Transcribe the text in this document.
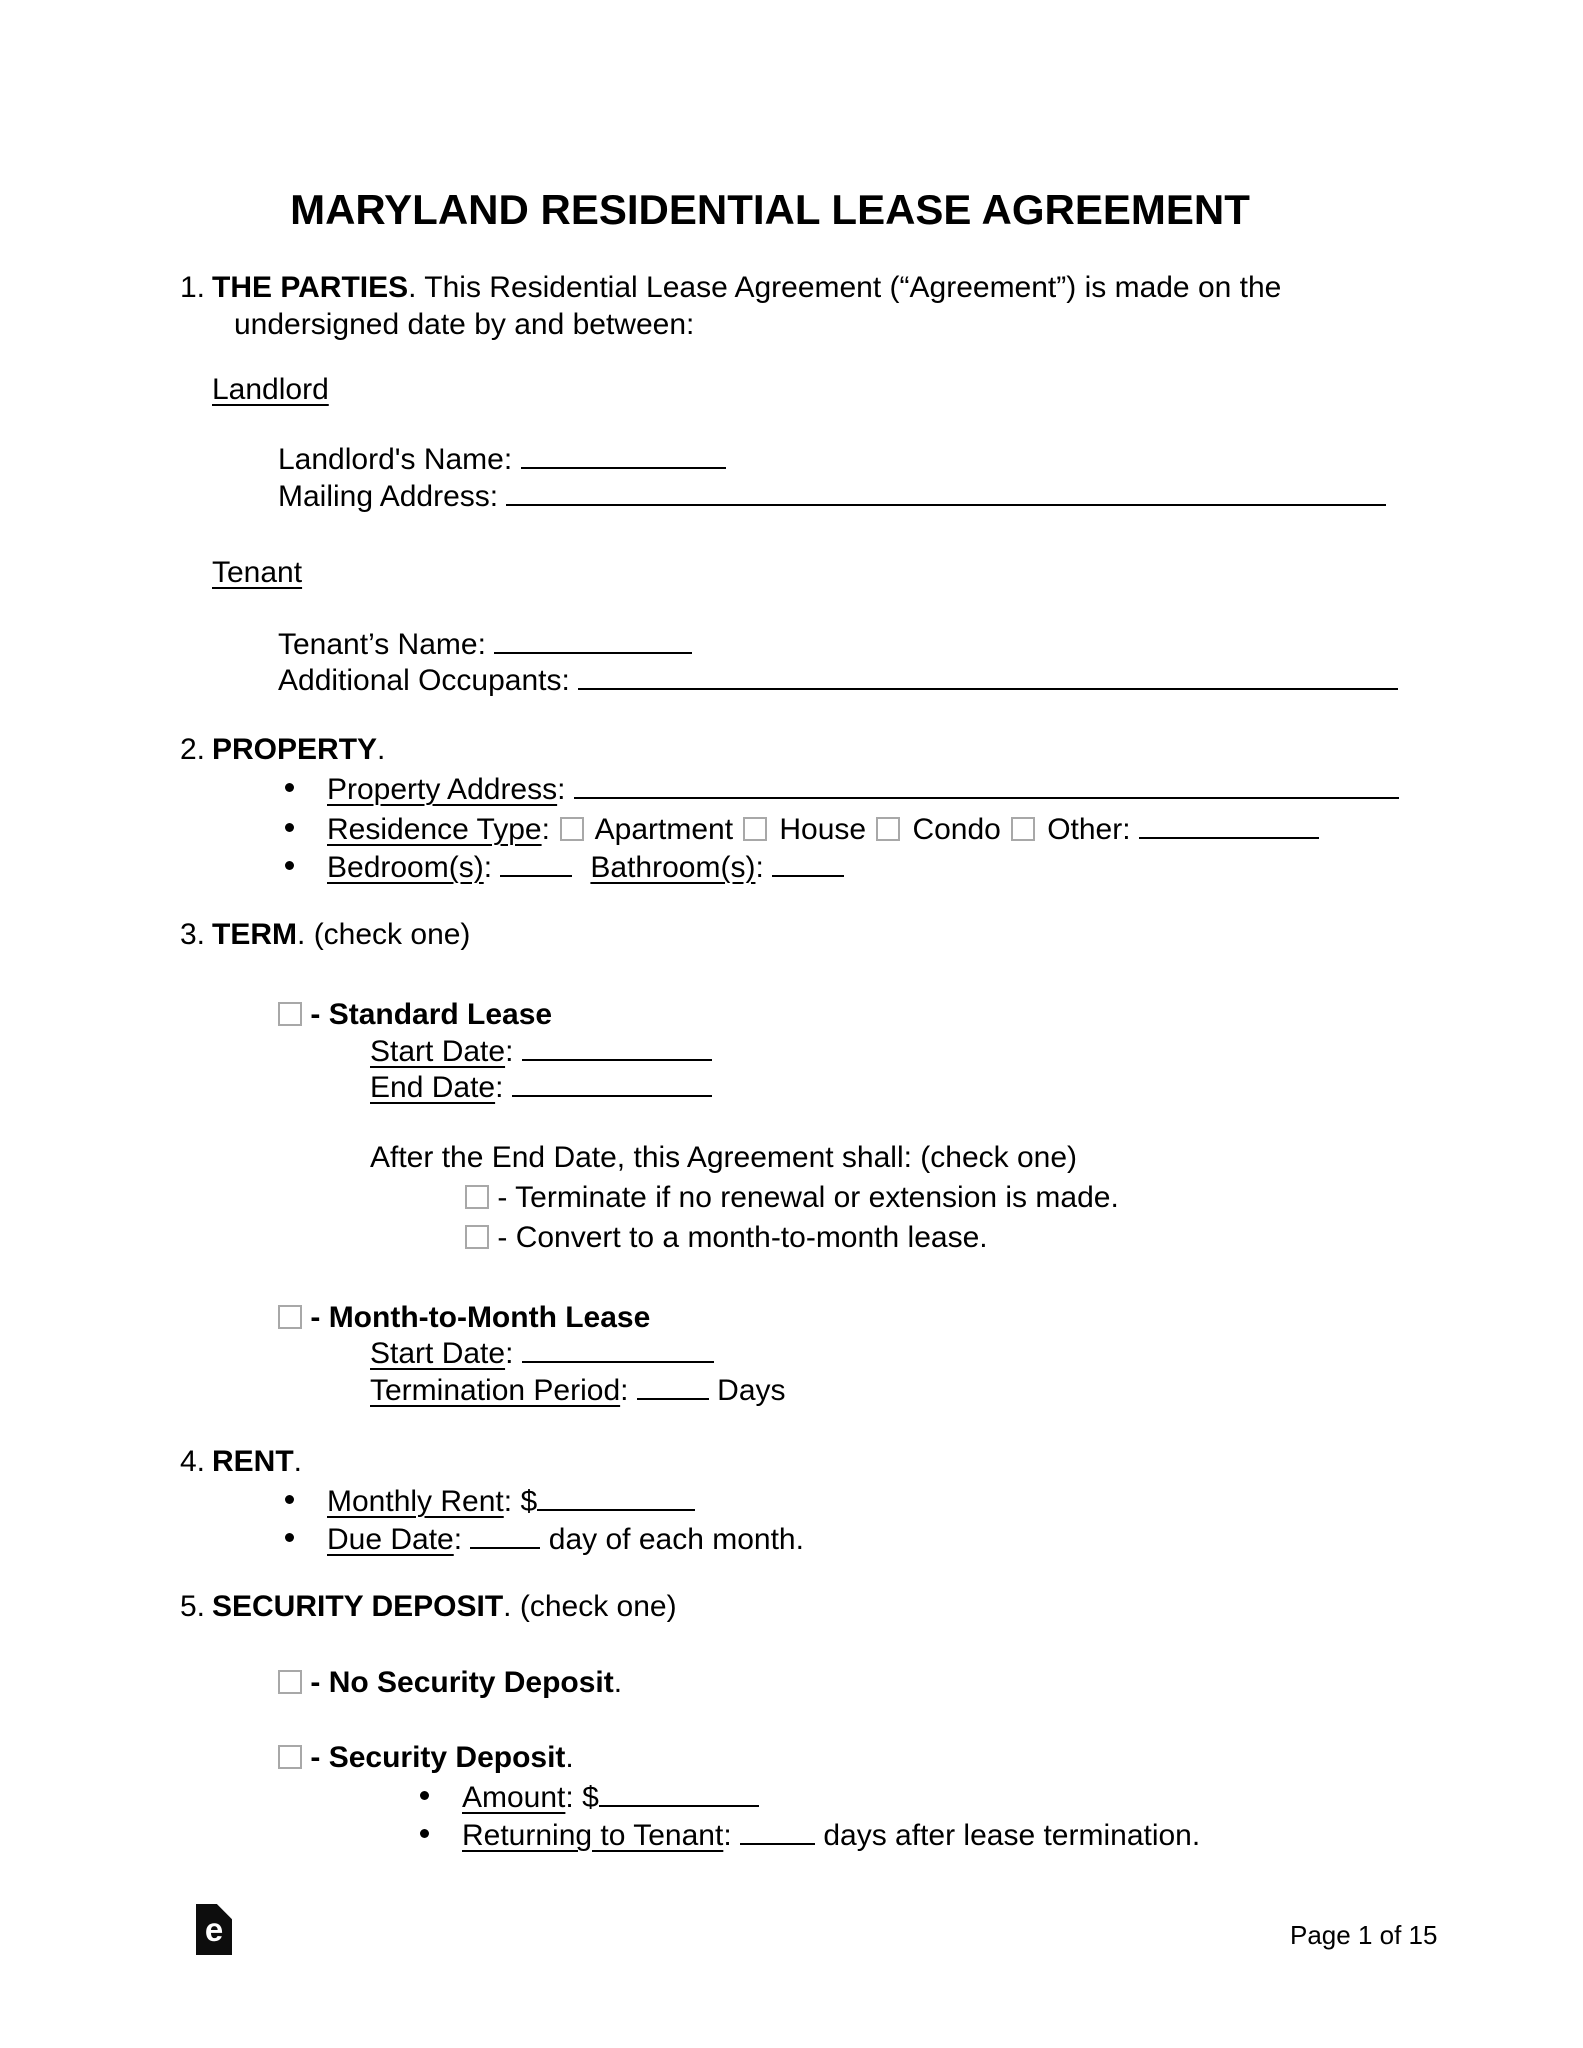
MARYLAND RESIDENTIAL LEASE AGREEMENT
1. THE PARTIES. This Residential Lease Agreement (“Agreement”) is made on the
undersigned date by and between:
Landlord
Landlord's Name:
Mailing Address:
Tenant
Tenant’s Name:
Additional Occupants:
2. PROPERTY.
Property Address:
Residence Type: Apartment House Condo Other:
Bedroom(s):	Bathroom(s):
3. TERM. (check one)
- Standard Lease
Start Date:
End Date:
After the End Date, this Agreement shall: (check one)
- Terminate if no renewal or extension is made.
- Convert to a month-to-month lease.
- Month-to-Month Lease
Start Date:
Termination Period:	Days
4. RENT.
Monthly Rent: $
Due Date:	day of each month.
5. SECURITY DEPOSIT. (check one)
- No Security Deposit.
- Security Deposit.
Amount: $
Returning to Tenant:	days after lease termination.
e	Page 1 of 15
